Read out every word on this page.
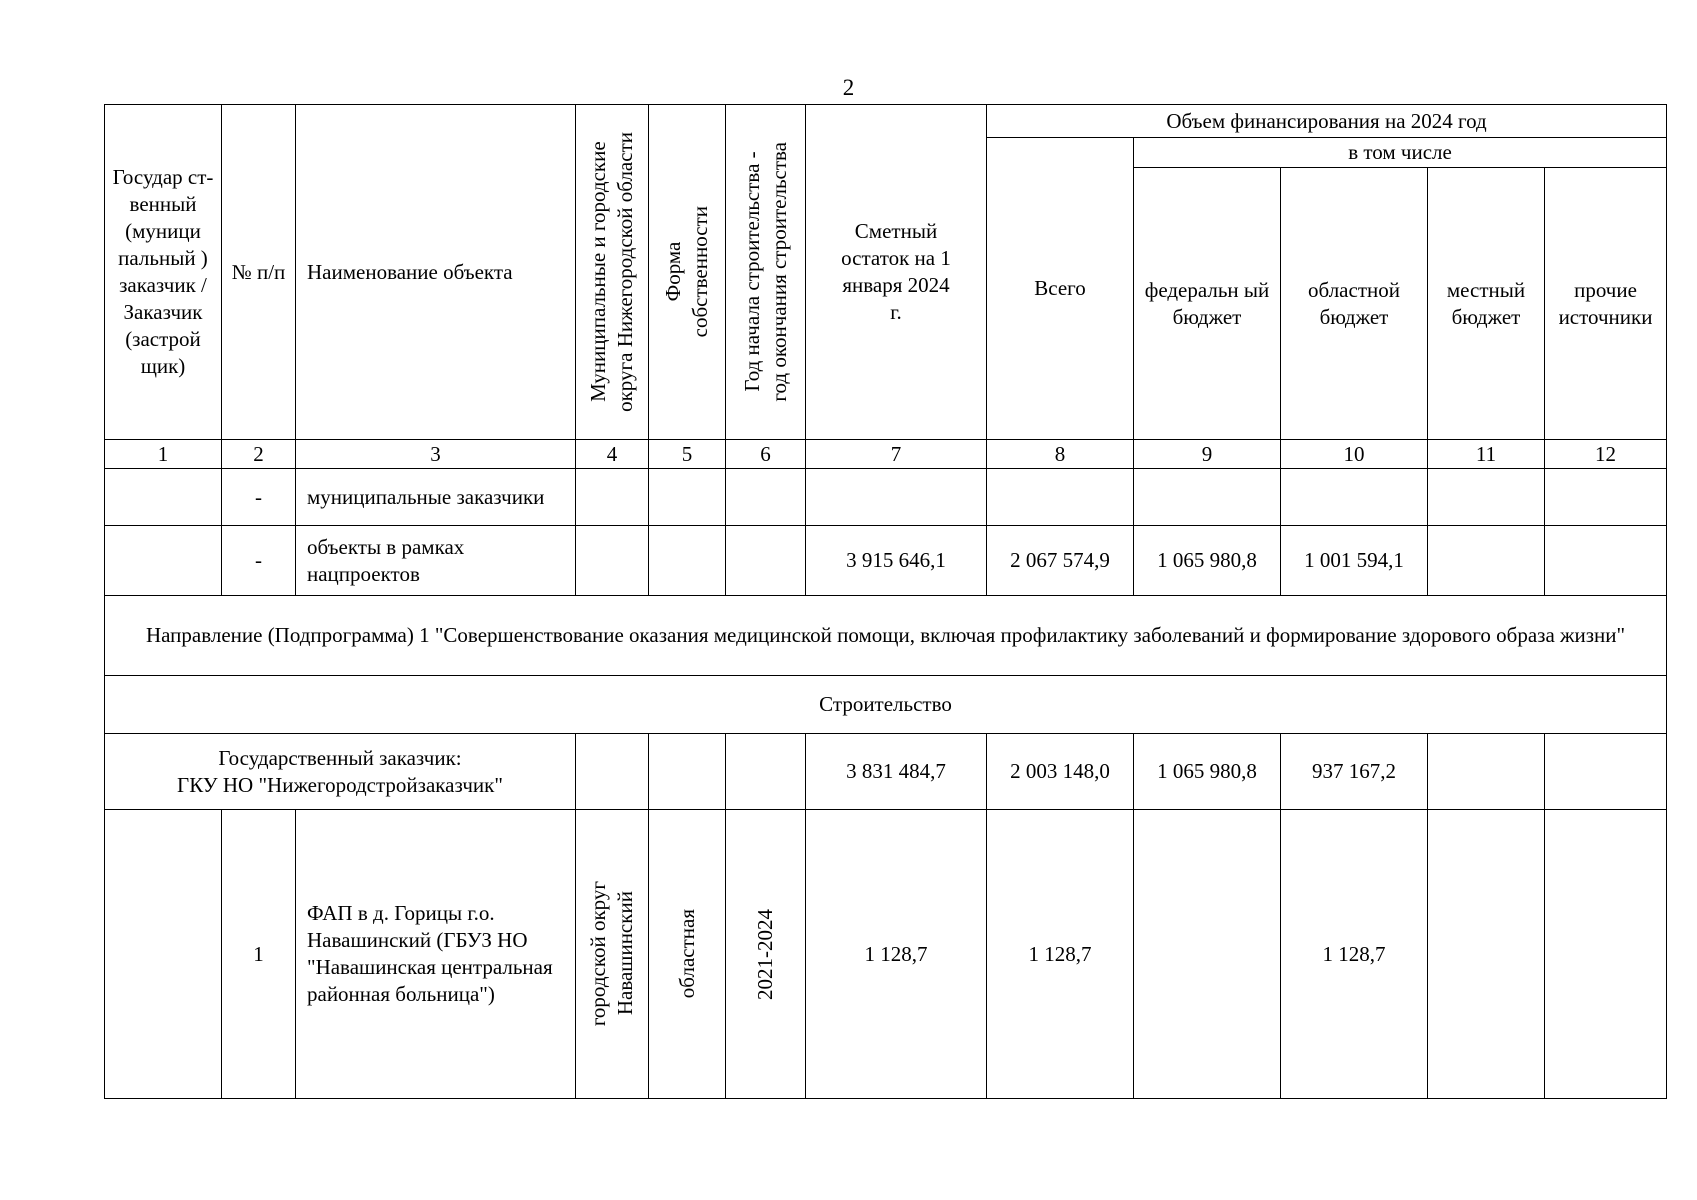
2
Государ ст-венный (муници пальный ) заказчик / Заказчик (застрой щик)	№ п/п	Наименование объекта	Муниципальные и городские округа Нижегородской области	Форма собственности	Год начала строительства - год окончания строительства	Сметный остаток на 1 января 2024 г.	Объем финансирования на 2024 год				
							Всего	в том числе			
								федеральн ый бюджет	областной бюджет	местный бюджет	прочие источники
1	2	3	4	5	6	7	8	9	10	11	12
	-	муниципальные заказчики									
	-	объекты в рамках нацпроектов				3 915 646,1	2 067 574,9	1 065 980,8	1 001 594,1		
Направление (Подпрограмма) 1 "Совершенствование оказания медицинской помощи, включая профилактику заболеваний и формирование здорового образа жизни"											
Строительство											
Государственный заказчик:
ГКУ НО "Нижегородстройзаказчик"						3 831 484,7	2 003 148,0	1 065 980,8	937 167,2		
	1	ФАП в д. Горицы г.о. Навашинский (ГБУЗ НО "Навашинская центральная районная больница")	городской округ Навашинский	областная	2021-2024	1 128,7	1 128,7		1 128,7		
